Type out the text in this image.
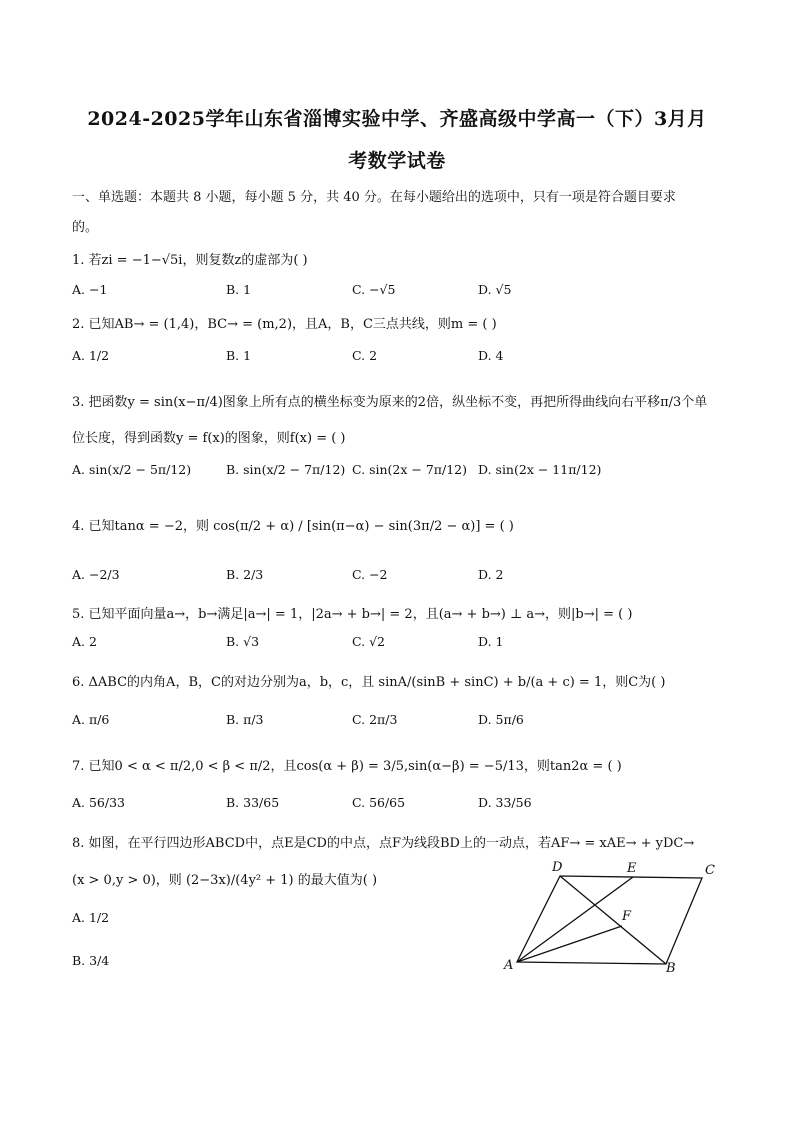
2024-2025学年山东省淄博实验中学、齐盛高级中学高一（下）3月月
考数学试卷
一、单选题：本题共 8 小题，每小题 5 分，共 40 分。在每小题给出的选项中，只有一项是符合题目要求
的。
1. 若zi = −1−√5i，则复数z的虚部为( )
A. −1	B. 1	C. −√5	D. √5
2. 已知AB→ = (1,4)，BC→ = (m,2)，且A，B，C三点共线，则m = ( )
A. 1/2	B. 1	C. 2	D. 4
3. 把函数y = sin(x−π/4)图象上所有点的横坐标变为原来的2倍，纵坐标不变，再把所得曲线向右平移π/3个单
位长度，得到函数y = f(x)的图象，则f(x) = ( )
A. sin(x/2 − 5π/12)	B. sin(x/2 − 7π/12) C. sin(2x − 7π/12) D. sin(2x − 11π/12)
4. 已知tanα = −2，则 cos(π/2 + α) / [sin(π−α) − sin(3π/2 − α)] = ( )
A. −2/3	B. 2/3	C. −2	D. 2
5. 已知平面向量a→，b→满足|a→| = 1，|2a→ + b→| = 2，且(a→ + b→) ⊥ a→，则|b→| = ( )
A. 2	B. √3	C. √2	D. 1
6. ΔABC的内角A，B，C的对边分别为a，b，c，且 sinA/(sinB + sinC) + b/(a + c) = 1，则C为( )
A. π/6	B. π/3	C. 2π/3	D. 5π/6
7. 已知0 < α < π/2,0 < β < π/2，且cos(α + β) = 3/5,sin(α−β) = −5/13，则tan2α = ( )
A. 56/33	B. 33/65	C. 56/65	D. 33/56
8. 如图，在平行四边形ABCD中，点E是CD的中点，点F为线段BD上的一动点，若AF→ = xAE→ + yDC→
(x > 0,y > 0)，则 (2−3x)/(4y² + 1) 的最大值为( )
A. 1/2
B. 3/4
D	E	C
F
A	B
